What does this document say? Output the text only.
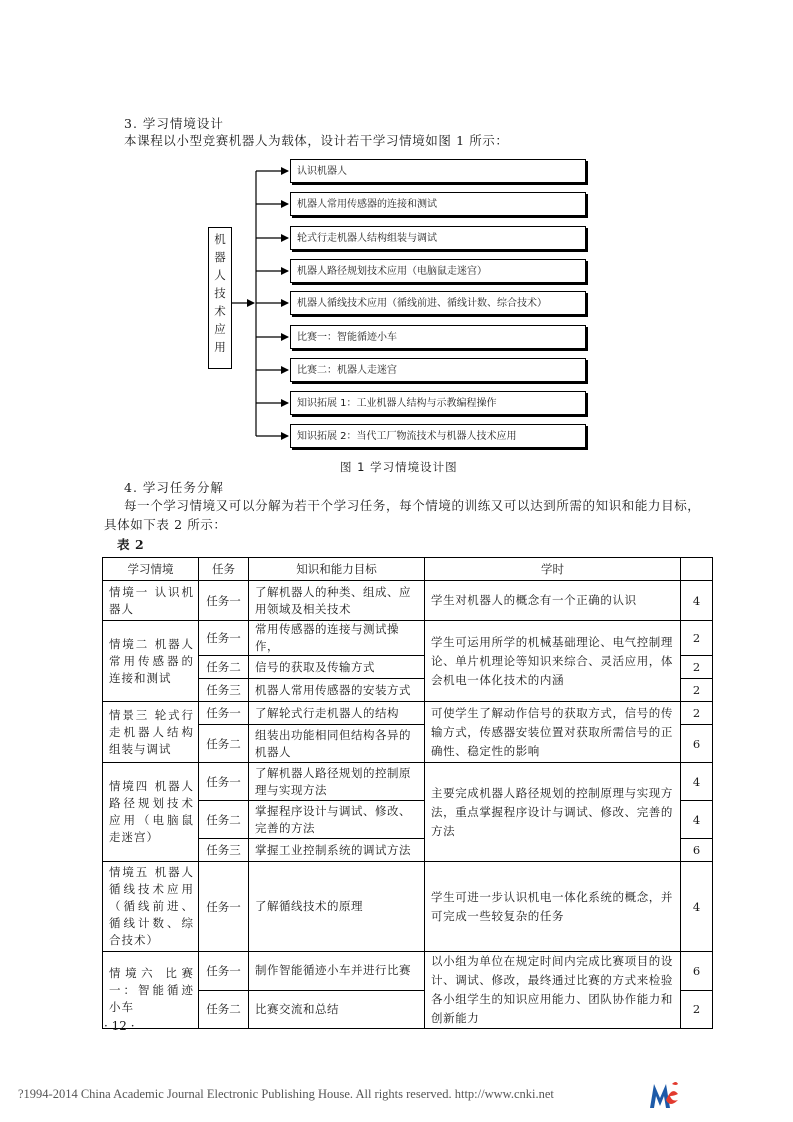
3. 学习情境设计
本课程以小型竞赛机器人为载体，设计若干学习情境如图 1 所示：
机
器
人
技
术
应
用
认识机器人
机器人常用传感器的连接和测试
轮式行走机器人结构组装与调试
机器人路径规划技术应用（电脑鼠走迷宫）
机器人循线技术应用（循线前进、循线计数、综合技术）
比赛一：智能循迹小车
比赛二：机器人走迷宫
知识拓展 1：工业机器人结构与示教编程操作
知识拓展 2：当代工厂物流技术与机器人技术应用
图 1 学习情境设计图
4. 学习任务分解
每一个学习情境又可以分解为若干个学习任务，每个情境的训练又可以达到所需的知识和能力目标，
具体如下表 2 所示：
表 2
学习情境	任务	知识和能力目标	学时	
情境一 认识机器人	任务一	了解机器人的种类、组成、应用领域及相关技术	学生对机器人的概念有一个正确的认识	4
情境二 机器人常用传感器的连接和测试	任务一	常用传感器的连接与测试操作，	学生可运用所学的机械基础理论、电气控制理论、单片机理论等知识来综合、灵活应用，体会机电一体化技术的内涵	2
	任务二	信号的获取及传输方式		2
	任务三	机器人常用传感器的安装方式		2
情景三 轮式行走机器人结构组装与调试	任务一	了解轮式行走机器人的结构	可使学生了解动作信号的获取方式，信号的传输方式，传感器安装位置对获取所需信号的正确性、稳定性的影响	2
	任务二	组装出功能相同但结构各异的机器人		6
情境四 机器人路径规划技术应用（电脑鼠走迷宫）	任务一	了解机器人路径规划的控制原理与实现方法	主要完成机器人路径规划的控制原理与实现方法，重点掌握程序设计与调试、修改、完善的方法	4
	任务二	掌握程序设计与调试、修改、完善的方法		4
	任务三	掌握工业控制系统的调试方法		6
情境五 机器人循线技术应用（循线前进、循线计数、综合技术）	任务一	了解循线技术的原理	学生可进一步认识机电一体化系统的概念，并可完成一些较复杂的任务	4
情境六 比赛一：智能循迹小车	任务一	制作智能循迹小车并进行比赛	以小组为单位在规定时间内完成比赛项目的设计、调试、修改，最终通过比赛的方式来检验各小组学生的知识应用能力、团队协作能力和创新能力	6
	任务二	比赛交流和总结		2
· 12 ·
?1994-2014 China Academic Journal Electronic Publishing House. All rights reserved. http://www.cnki.net
